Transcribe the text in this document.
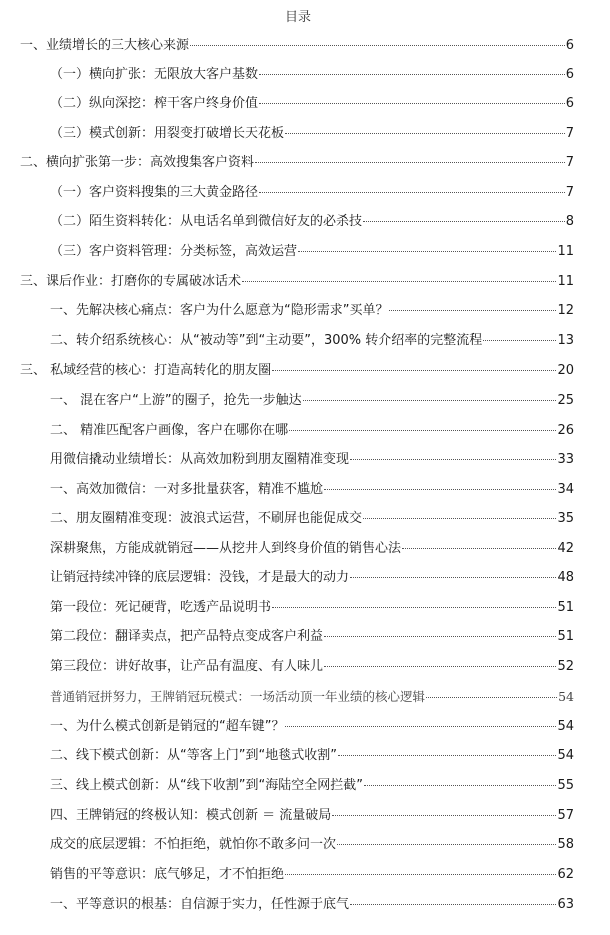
目录
一、业绩增长的三大核心来源	6
（一）横向扩张：无限放大客户基数	6
（二）纵向深挖：榨干客户终身价值	6
（三）模式创新：用裂变打破增长天花板	7
二、横向扩张第一步：高效搜集客户资料	7
（一）客户资料搜集的三大黄金路径	7
（二）陌生资料转化：从电话名单到微信好友的必杀技	8
（三）客户资料管理：分类标签，高效运营	11
三、课后作业：打磨你的专属破冰话术	11
一、先解决核心痛点：客户为什么愿意为“隐形需求”买单？	12
二、转介绍系统核心：从“被动等”到“主动要”，300% 转介绍率的完整流程	13
三、 私域经营的核心：打造高转化的朋友圈	20
一、 混在客户“上游”的圈子，抢先一步触达	25
二、 精准匹配客户画像，客户在哪你在哪	26
用微信撬动业绩增长：从高效加粉到朋友圈精准变现	33
一、高效加微信：一对多批量获客，精准不尴尬	34
二、朋友圈精准变现：波浪式运营，不刷屏也能促成交	35
深耕聚焦，方能成就销冠——从挖井人到终身价值的销售心法	42
让销冠持续冲锋的底层逻辑：没钱，才是最大的动力	48
第一段位：死记硬背，吃透产品说明书	51
第二段位：翻译卖点，把产品特点变成客户利益	51
第三段位：讲好故事，让产品有温度、有人味儿	52
普通销冠拼努力，王牌销冠玩模式：一场活动顶一年业绩的核心逻辑	54
一、为什么模式创新是销冠的“超车键”？	54
二、线下模式创新：从“等客上门”到“地毯式收割”	54
三、线上模式创新：从“线下收割”到“海陆空全网拦截”	55
四、王牌销冠的终极认知：模式创新 ＝ 流量破局	57
成交的底层逻辑：不怕拒绝，就怕你不敢多问一次	58
销售的平等意识：底气够足，才不怕拒绝	62
一、平等意识的根基：自信源于实力，任性源于底气	63
